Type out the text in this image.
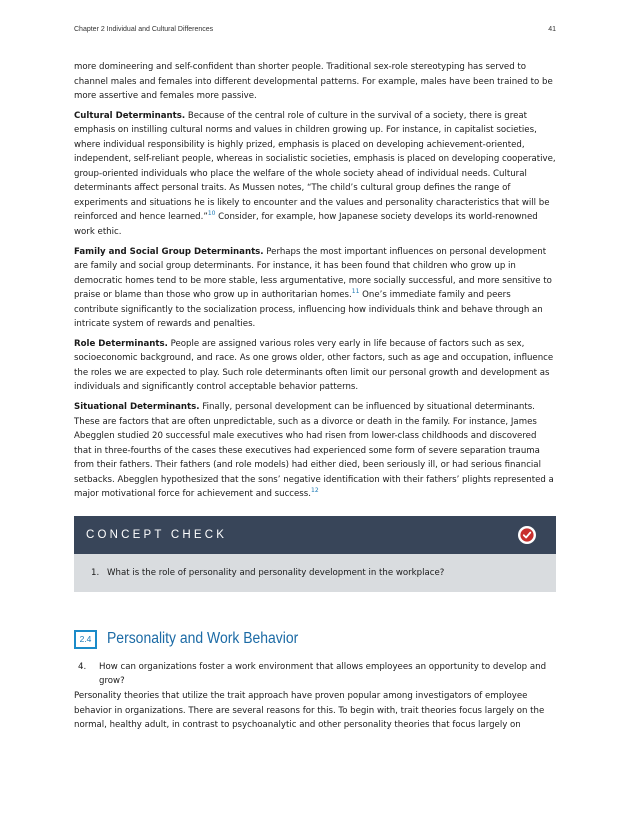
Chapter 2 Individual and Cultural Differences	41

more domineering and self-confident than shorter people. Traditional sex-role stereotyping has served to channel males and females into different developmental patterns. For example, males have been trained to be more assertive and females more passive.

Cultural Determinants. Because of the central role of culture in the survival of a society, there is great emphasis on instilling cultural norms and values in children growing up. For instance, in capitalist societies, where individual responsibility is highly prized, emphasis is placed on developing achievement-oriented, independent, self-reliant people, whereas in socialistic societies, emphasis is placed on developing cooperative, group-oriented individuals who place the welfare of the whole society ahead of individual needs. Cultural determinants affect personal traits. As Mussen notes, “The child’s cultural group defines the range of experiments and situations he is likely to encounter and the values and personality characteristics that will be reinforced and hence learned.”$^{10}$ Consider, for example, how Japanese society develops its world-renowned work ethic.

Family and Social Group Determinants. Perhaps the most important influences on personal development are family and social group determinants. For instance, it has been found that children who grow up in democratic homes tend to be more stable, less argumentative, more socially successful, and more sensitive to praise or blame than those who grow up in authoritarian homes.$^{11}$ One’s immediate family and peers contribute significantly to the socialization process, influencing how individuals think and behave through an intricate system of rewards and penalties.

Role Determinants. People are assigned various roles very early in life because of factors such as sex, socioeconomic background, and race. As one grows older, other factors, such as age and occupation, influence the roles we are expected to play. Such role determinants often limit our personal growth and development as individuals and significantly control acceptable behavior patterns.

Situational Determinants. Finally, personal development can be influenced by situational determinants. These are factors that are often unpredictable, such as a divorce or death in the family. For instance, James Abegglen studied 20 successful male executives who had risen from lower-class childhoods and discovered that in three-fourths of the cases these executives had experienced some form of severe separation trauma from their fathers. Their fathers (and role models) had either died, been seriously ill, or had serious financial setbacks. Abegglen hypothesized that the sons’ negative identification with their fathers’ plights represented a major motivational force for achievement and success.$^{12}$

CONCEPT CHECK
1. What is the role of personality and personality development in the workplace?
2.4	Personality and Work Behavior
4.	How can organizations foster a work environment that allows employees an opportunity to develop and grow?

Personality theories that utilize the trait approach have proven popular among investigators of employee behavior in organizations. There are several reasons for this. To begin with, trait theories focus largely on the normal, healthy adult, in contrast to psychoanalytic and other personality theories that focus largely on
